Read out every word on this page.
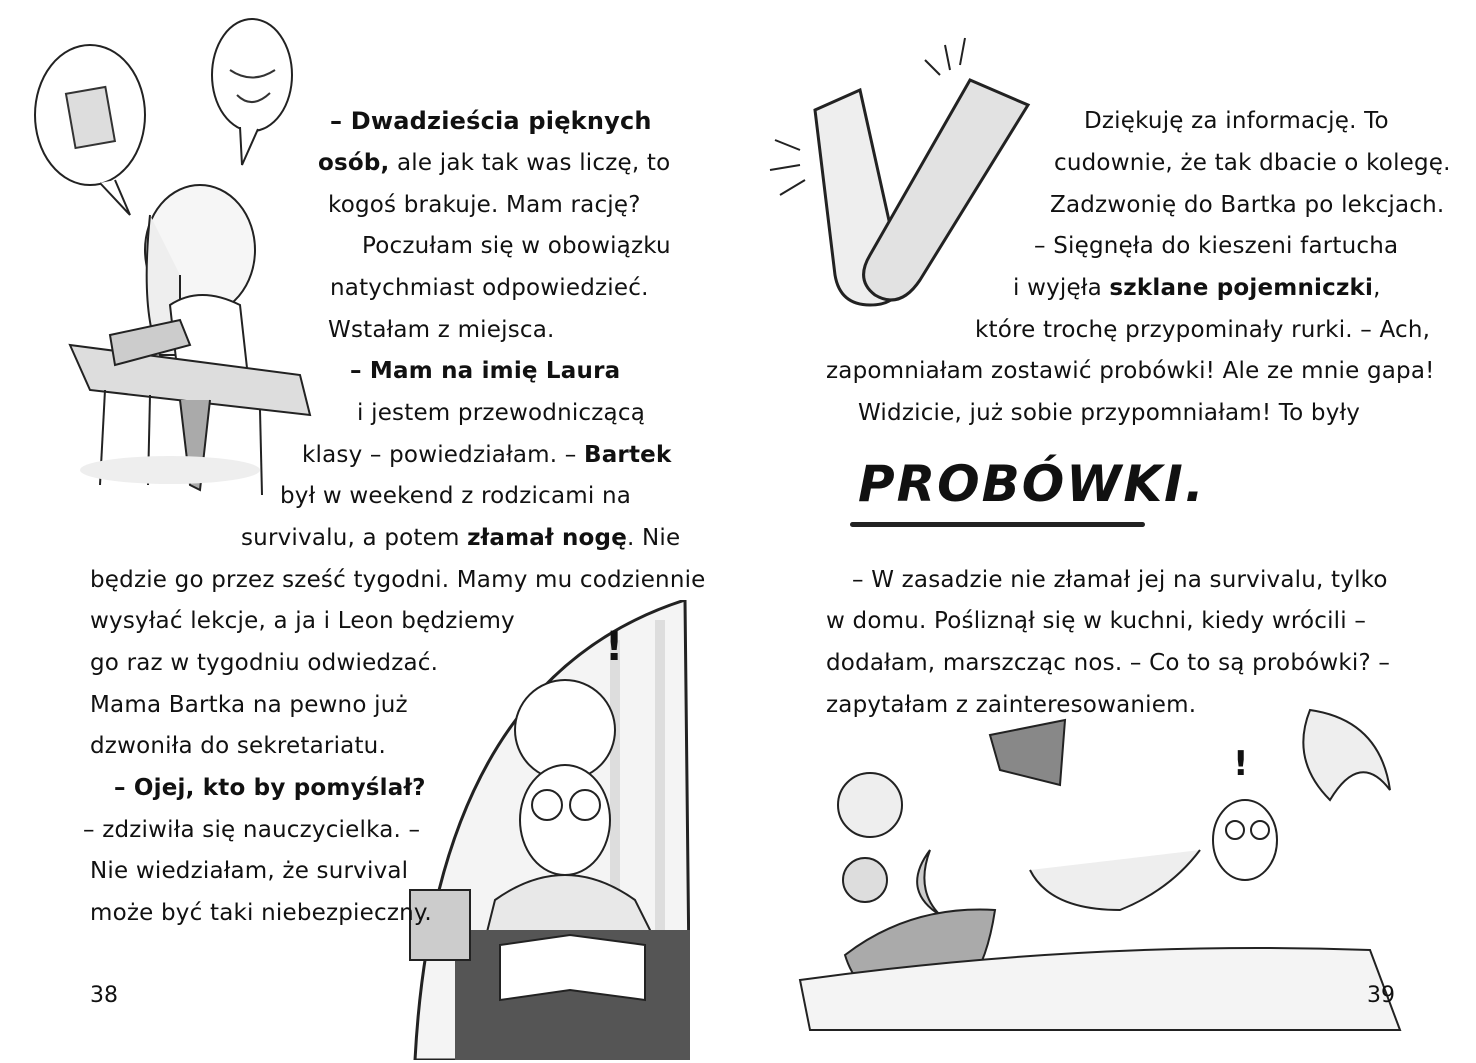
!
– Dwadzieścia pięknych
osób, ale jak tak was liczę, to
kogoś brakuje. Mam rację?
Poczułam się w obowiązku
natychmiast odpowiedzieć.
Wstałam z miejsca.
– Mam na imię Laura
i jestem przewodniczącą
klasy – powiedziałam. – Bartek
był w weekend z rodzicami na
survivalu, a potem złamał nogę. Nie
będzie go przez sześć tygodni. Mamy mu codziennie
wysyłać lekcje, a ja i Leon będziemy
go raz w tygodniu odwiedzać.
Mama Bartka na pewno już
dzwoniła do sekretariatu.
– Ojej, kto by pomyślał?
– zdziwiła się nauczycielka. –
Nie wiedziałam, że survival
może być taki niebezpieczny.
38
Dziękuję za informację. To
cudownie, że tak dbacie o kolegę.
Zadzwonię do Bartka po lekcjach.
– Sięgnęła do kieszeni fartucha
i wyjęła szklane pojemniczki,
które trochę przypominały rurki. – Ach,
zapomniałam zostawić probówki! Ale ze mnie gapa!
Widzicie, już sobie przypomniałam! To były
PROBÓWKI.
– W zasadzie nie złamał jej na survivalu, tylko
w domu. Pośliznął się w kuchni, kiedy wrócili –
dodałam, marszcząc nos. – Co to są probówki? –
zapytałam z zainteresowaniem.
!
39
